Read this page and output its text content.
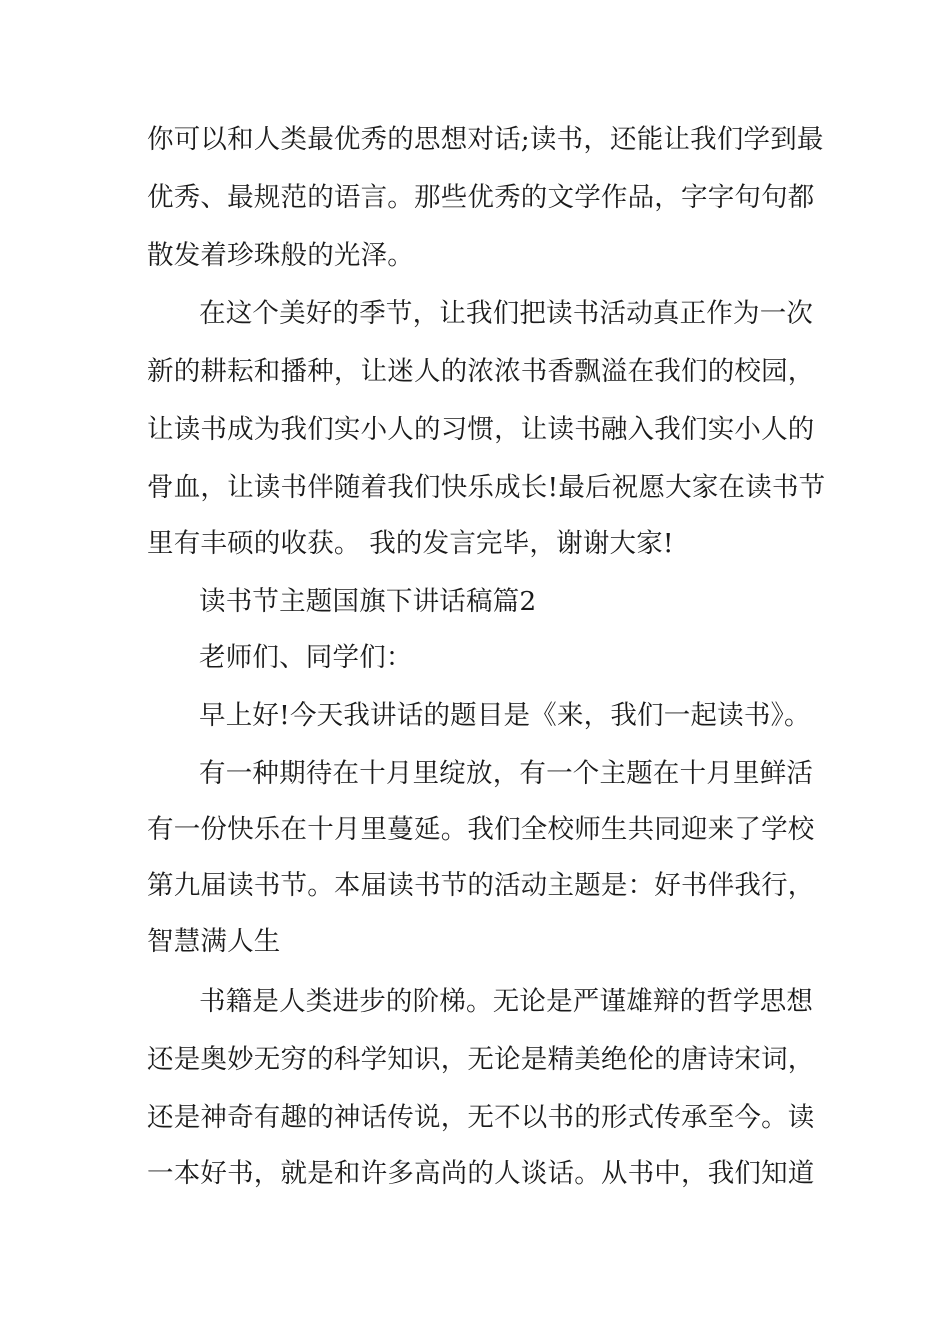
你可以和人类最优秀的思想对话;读书，还能让我们学到最
优秀、最规范的语言。那些优秀的文学作品，字字句句都
散发着珍珠般的光泽。
在这个美好的季节，让我们把读书活动真正作为一次
新的耕耘和播种，让迷人的浓浓书香飘溢在我们的校园，
让读书成为我们实小人的习惯，让读书融入我们实小人的
骨血，让读书伴随着我们快乐成长!最后祝愿大家在读书节
里有丰硕的收获。 我的发言完毕，谢谢大家!
读书节主题国旗下讲话稿篇2
老师们、同学们：
早上好!今天我讲话的题目是《来，我们一起读书》。
有一种期待在十月里绽放，有一个主题在十月里鲜活
有一份快乐在十月里蔓延。我们全校师生共同迎来了学校
第九届读书节。本届读书节的活动主题是：好书伴我行，
智慧满人生
书籍是人类进步的阶梯。无论是严谨雄辩的哲学思想
还是奥妙无穷的科学知识，无论是精美绝伦的唐诗宋词，
还是神奇有趣的神话传说，无不以书的形式传承至今。读
一本好书，就是和许多高尚的人谈话。从书中，我们知道
